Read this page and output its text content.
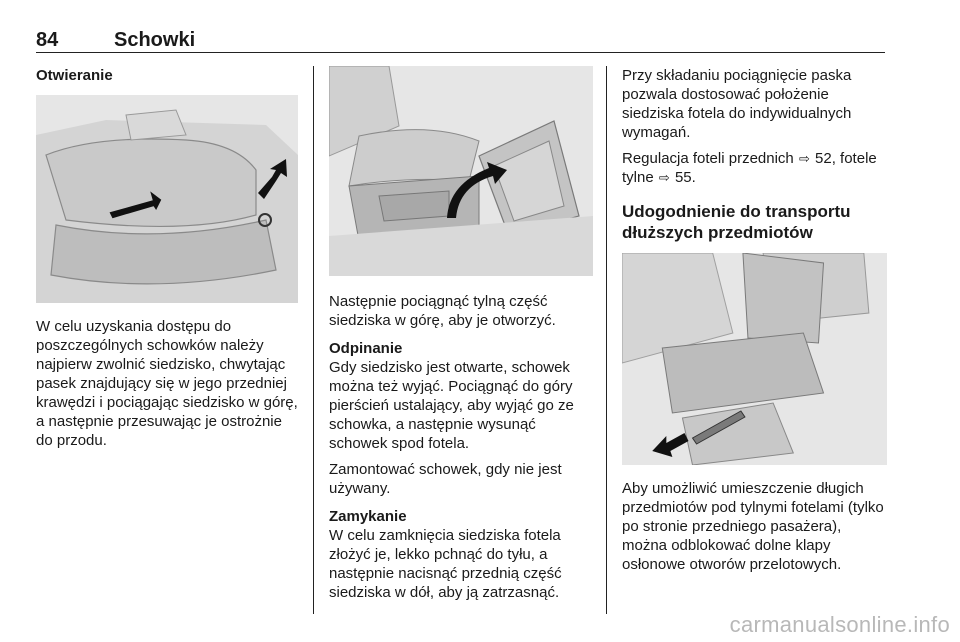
84	Schowki
Otwieranie

W celu uzyskania dostępu do poszczególnych schowków należy najpierw zwolnić siedzisko, chwytając pasek znajdujący się w jego przedniej krawędzi i pociągając siedzisko w górę, a następnie przesuwając je ostrożnie do przodu.

Następnie pociągnąć tylną część siedziska w górę, aby je otworzyć.

Odpinanie

Gdy siedzisko jest otwarte, schowek można też wyjąć. Pociągnąć do góry pierścień ustalający, aby wyjąć go ze schowka, a następnie wysunąć schowek spod fotela.

Zamontować schowek, gdy nie jest używany.

Zamykanie

W celu zamknięcia siedziska fotela złożyć je, lekko pchnąć do tyłu, a następnie nacisnąć przednią część siedziska w dół, aby ją zatrzasnąć.

Przy składaniu pociągnięcie paska pozwala dostosować położenie siedziska fotela do indywidualnych wymagań.

Regulacja foteli przednich ⇨ 52, fotele tylne ⇨ 55.

Udogodnienie do transportu dłuższych przedmiotów

Aby umożliwić umieszczenie długich przedmiotów pod tylnymi fotelami (tylko po stronie przedniego pasażera), można odblokować dolne klapy osłonowe otworów przelotowych.

carmanualsonline.info
